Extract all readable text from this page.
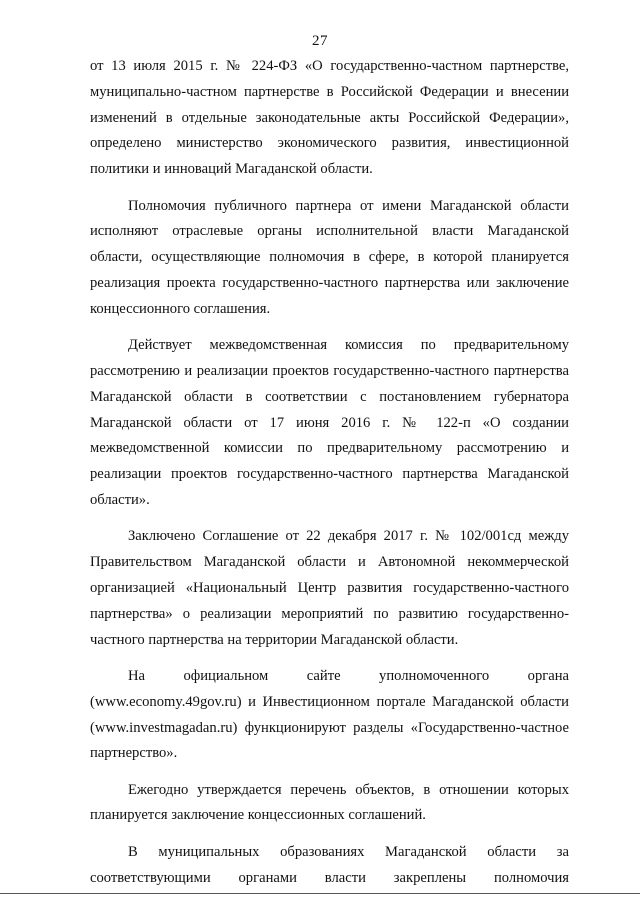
27

от 13 июля 2015 г. № 224-ФЗ «О государственно-частном партнерстве, муниципально-частном партнерстве в Российской Федерации и внесении изменений в отдельные законодательные акты Российской Федерации», определено министерство экономического развития, инвестиционной политики и инноваций Магаданской области.

Полномочия публичного партнера от имени Магаданской области исполняют отраслевые органы исполнительной власти Магаданской области, осуществляющие полномочия в сфере, в которой планируется реализация проекта государственно-частного партнерства или заключение концессионного соглашения.

Действует межведомственная комиссия по предварительному рассмотрению и реализации проектов государственно-частного партнерства Магаданской области в соответствии с постановлением губернатора Магаданской области от 17 июня 2016 г. № 122-п «О создании межведомственной комиссии по предварительному рассмотрению и реализации проектов государственно-частного партнерства Магаданской области».

Заключено Соглашение от 22 декабря 2017 г. № 102/001сд между Правительством Магаданской области и Автономной некоммерческой организацией «Национальный Центр развития государственно-частного партнерства» о реализации мероприятий по развитию государственно-частного партнерства на территории Магаданской области.

На официальном сайте уполномоченного органа (www.economy.49gov.ru) и Инвестиционном портале Магаданской области (www.investmagadan.ru) функционируют разделы «Государственно-частное партнерство».

Ежегодно утверждается перечень объектов, в отношении которых планируется заключение концессионных соглашений.

В муниципальных образованиях Магаданской области за соответствующими органами власти закреплены полномочия
